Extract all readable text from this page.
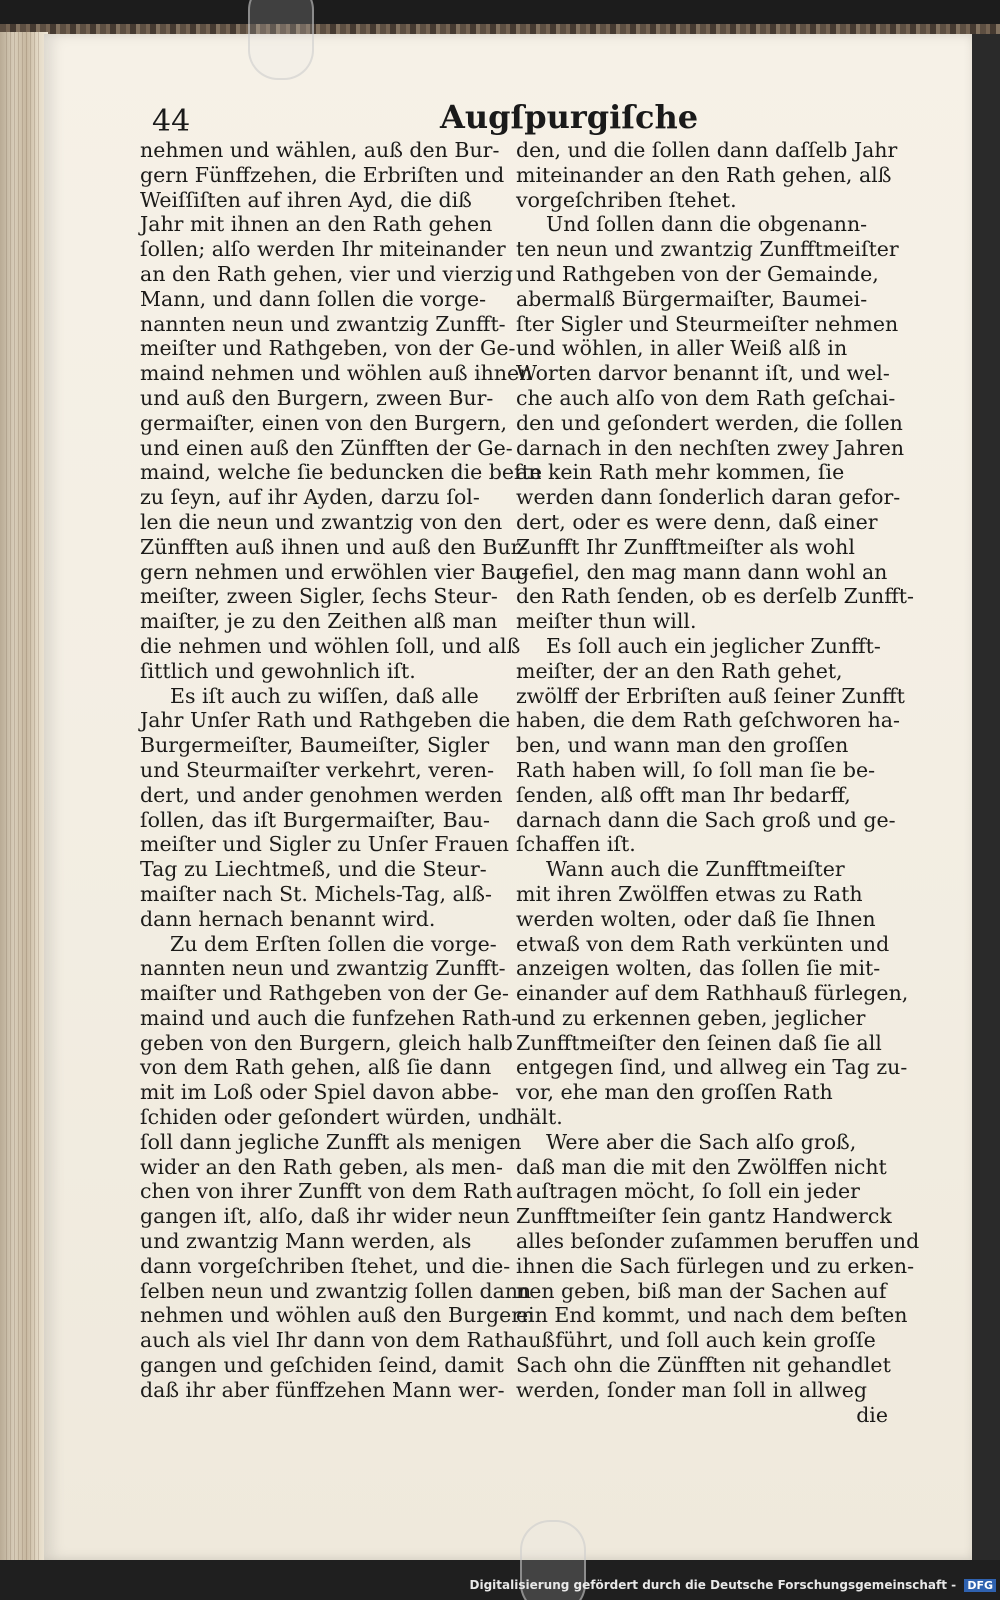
44	Augſpurgiſche
nehmen und wählen, auß den Bur-
gern Fünffzehen, die Erbriſten und
Weiſſiſten auf ihren Ayd, die diß
Jahr mit ihnen an den Rath gehen
ſollen; alſo werden Ihr miteinander
an den Rath gehen, vier und vierzig
Mann, und dann ſollen die vorge-
nannten neun und zwantzig Zunfft-
meiſter und Rathgeben, von der Ge-
maind nehmen und wöhlen auß ihnen
und auß den Burgern, zween Bur-
germaiſter, einen von den Burgern,
und einen auß den Zünfften der Ge-
maind, welche ſie beduncken die beſte
zu ſeyn, auf ihr Ayden, darzu ſol-
len die neun und zwantzig von den
Zünfften auß ihnen und auß den Bur-
gern nehmen und erwöhlen vier Bau-
meiſter, zween Sigler, ſechs Steur-
maiſter, je zu den Zeithen alß man
die nehmen und wöhlen ſoll, und alß
ſittlich und gewohnlich iſt.
Es iſt auch zu wiſſen, daß alle
Jahr Unſer Rath und Rathgeben die
Burgermeiſter, Baumeiſter, Sigler
und Steurmaiſter verkehrt, veren-
dert, und ander genohmen werden
ſollen, das iſt Burgermaiſter, Bau-
meiſter und Sigler zu Unſer Frauen
Tag zu Liechtmeß, und die Steur-
maiſter nach St. Michels-Tag, alß-
dann hernach benannt wird.
Zu dem Erſten ſollen die vorge-
nannten neun und zwantzig Zunfft-
maiſter und Rathgeben von der Ge-
maind und auch die funfzehen Rath-
geben von den Burgern, gleich halb
von dem Rath gehen, alß ſie dann
mit im Loß oder Spiel davon abbe-
ſchiden oder geſondert würden, und
ſoll dann jegliche Zunfft als menigen
wider an den Rath geben, als men-
chen von ihrer Zunfft von dem Rath
gangen iſt, alſo, daß ihr wider neun
und zwantzig Mann werden, als
dann vorgeſchriben ſtehet, und die-
ſelben neun und zwantzig ſollen dann
nehmen und wöhlen auß den Burgern
auch als viel Ihr dann von dem Rath
gangen und geſchiden ſeind, damit
daß ihr aber fünffzehen Mann wer-
den, und die ſollen dann daſſelb Jahr
miteinander an den Rath gehen, alß
vorgeſchriben ſtehet.
Und ſollen dann die obgenann-
ten neun und zwantzig Zunfftmeiſter
und Rathgeben von der Gemainde,
abermalß Bürgermaiſter, Baumei-
ſter Sigler und Steurmeiſter nehmen
und wöhlen, in aller Weiß alß in
Worten darvor benannt iſt, und wel-
che auch alſo von dem Rath geſchai-
den und geſondert werden, die ſollen
darnach in den nechſten zwey Jahren
an kein Rath mehr kommen, ſie
werden dann ſonderlich daran gefor-
dert, oder es were denn, daß einer
Zunfft Ihr Zunfftmeiſter als wohl
gefiel, den mag mann dann wohl an
den Rath ſenden, ob es derſelb Zunfft-
meiſter thun will.
Es ſoll auch ein jeglicher Zunfft-
meiſter, der an den Rath gehet,
zwölff der Erbriſten auß ſeiner Zunfft
haben, die dem Rath geſchworen ha-
ben, und wann man den groſſen
Rath haben will, ſo ſoll man ſie be-
ſenden, alß offt man Ihr bedarff,
darnach dann die Sach groß und ge-
ſchaffen iſt.
Wann auch die Zunfftmeiſter
mit ihren Zwölffen etwas zu Rath
werden wolten, oder daß ſie Ihnen
etwaß von dem Rath verkünten und
anzeigen wolten, das ſollen ſie mit-
einander auf dem Rathhauß fürlegen,
und zu erkennen geben, jeglicher
Zunfftmeiſter den ſeinen daß ſie all
entgegen ſind, und allweg ein Tag zu-
vor, ehe man den groſſen Rath
hält.
Were aber die Sach alſo groß,
daß man die mit den Zwölffen nicht
auſtragen möcht, ſo ſoll ein jeder
Zunfftmeiſter ſein gantz Handwerck
alles beſonder zuſammen beruffen und
ihnen die Sach fürlegen und zu erken-
nen geben, biß man der Sachen auf
ein End kommt, und nach dem beſten
außführt, und ſoll auch kein groſſe
Sach ohn die Zünfften nit gehandlet
werden, ſonder man ſoll in allweg
die
Digitalisierung gefördert durch die Deutsche Forschungsgemeinschaft - DFG
